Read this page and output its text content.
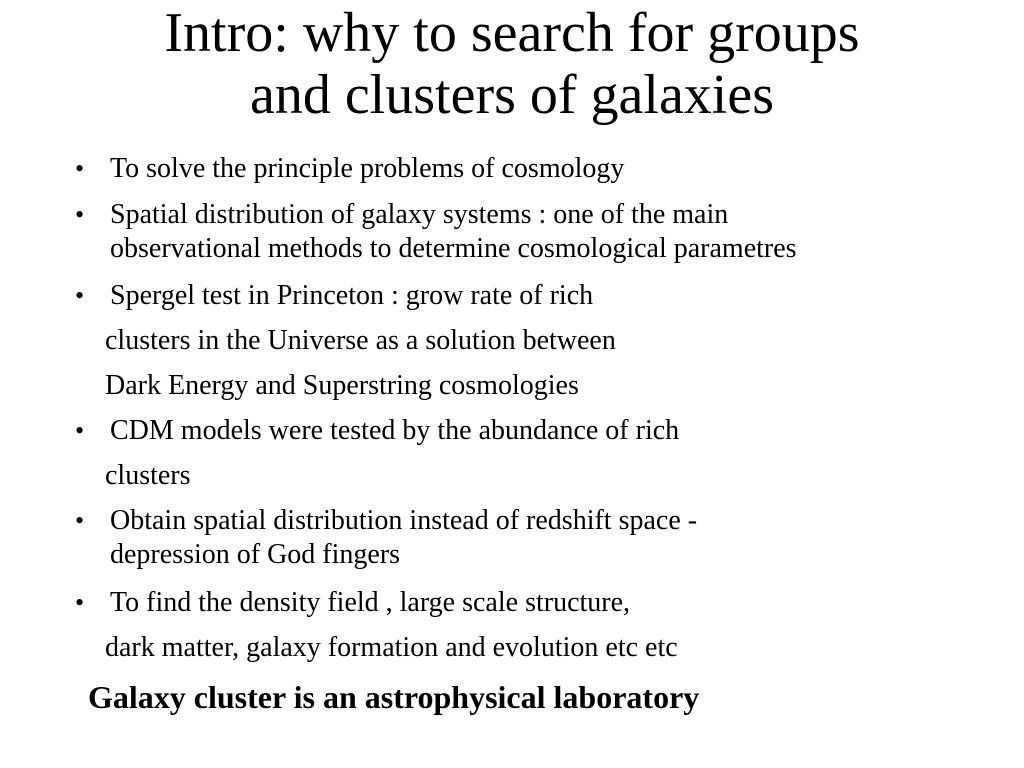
Intro: why to search for groups
and clusters of galaxies
• To solve the principle problems of cosmology
• Spatial distribution of galaxy systems : one of the main
observational methods to determine cosmological parametres
• Spergel test in Princeton : grow rate of rich
clusters in the Universe as a solution between
Dark Energy and Superstring cosmologies
• CDM models were tested by the abundance of rich
clusters
• Obtain spatial distribution instead of redshift space -
depression of God fingers
• To find the density field , large scale structure,
dark matter, galaxy formation and evolution etc etc
Galaxy cluster is an astrophysical laboratory
